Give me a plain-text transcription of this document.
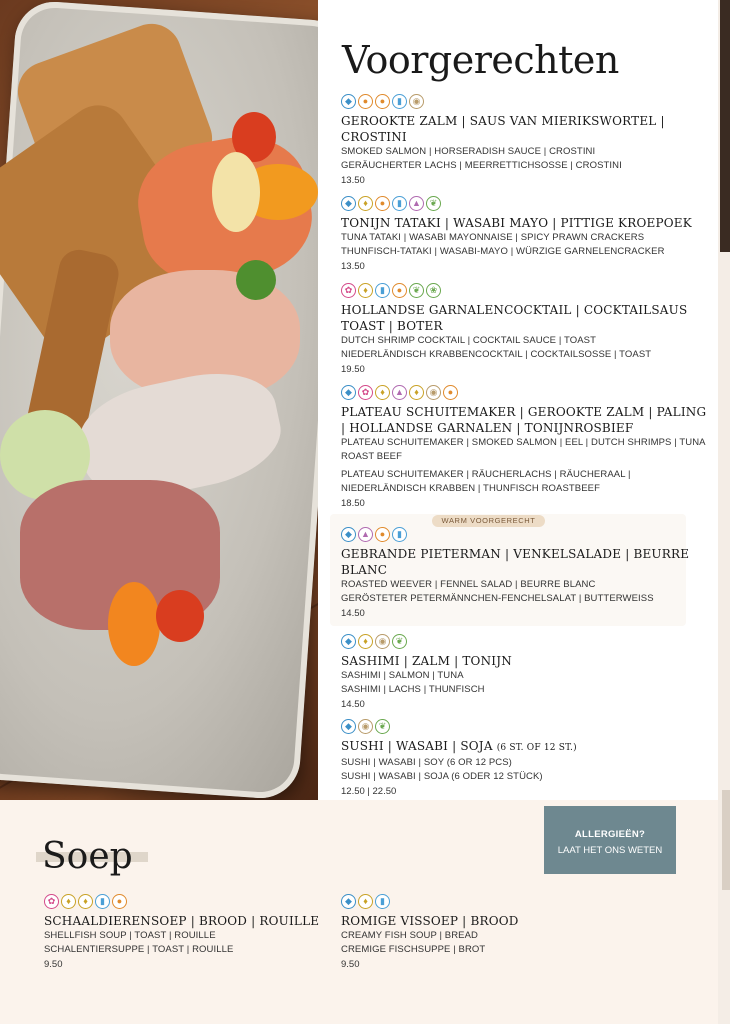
Voorgerechten
WARM VOORGERECHT
◆	●	●	▮	◉
GEROOKTE ZALM | SAUS VAN MIERIKSWORTEL | CROSTINI
SMOKED SALMON | HORSERADISH SAUCE | CROSTINI
GERÄUCHERTER LACHS | MEERRETTICHSOSSE | CROSTINI
13.50
◆	♦	●	▮	▲ ❦
TONIJN TATAKI | WASABI MAYO | PITTIGE KROEPOEK
TUNA TATAKI | WASABI MAYONNAISE | SPICY PRAWN CRACKERS
THUNFISCH-TATAKI | WASABI-MAYO | WÜRZIGE GARNELENCRACKER
13.50
✿	♦	▮	●	❦	❀
HOLLANDSE GARNALENCOCKTAIL | COCKTAILSAUS TOAST | BOTER
DUTCH SHRIMP COCKTAIL | COCKTAIL SAUCE | TOAST
NIEDERLÄNDISCH KRABBENCOCKTAIL | COCKTAILSOSSE | TOAST
19.50
◆	✿	♦	▲	♦	◉	●
PLATEAU SCHUITEMAKER | GEROOKTE ZALM | PALING | HOLLANDSE GARNALEN | TONIJNROSBIEF
PLATEAU SCHUITEMAKER | SMOKED SALMON | EEL | DUTCH SHRIMPS | TUNA ROAST BEEF
PLATEAU SCHUITEMAKER | RÄUCHERLACHS | RÄUCHERAAL | NIEDERLÄNDISCH KRABBEN | THUNFISCH ROASTBEEF
18.50
◆	▲	●	▮
GEBRANDE PIETERMAN | VENKELSALADE | BEURRE BLANC
ROASTED WEEVER | FENNEL SALAD | BEURRE BLANC
GERÖSTETER PETERMÄNNCHEN-FENCHELSALAT | BUTTERWEISS
14.50
◆	♦	◉	❦
SASHIMI | ZALM | TONIJN
SASHIMI | SALMON | TUNA
SASHIMI | LACHS | THUNFISCH
14.50
◆	◉	❦
SUSHI | WASABI | SOJA (6 ST. OF 12 ST.)
SUSHI | WASABI | SOY (6 OR 12 PCS)
SUSHI | WASABI | SOJA (6 ODER 12 STÜCK)
12.50 | 22.50
Soep
ALLERGIEËN?
LAAT HET ONS WETEN
✿	♦	♦	▮	●
SCHAALDIERENSOEP | BROOD | ROUILLE
SHELLFISH SOUP | TOAST | ROUILLE
SCHALENTIERSUPPE | TOAST | ROUILLE
9.50
◆	♦	▮
ROMIGE VISSOEP | BROOD
CREAMY FISH SOUP | BREAD
CREMIGE FISCHSUPPE | BROT
9.50
